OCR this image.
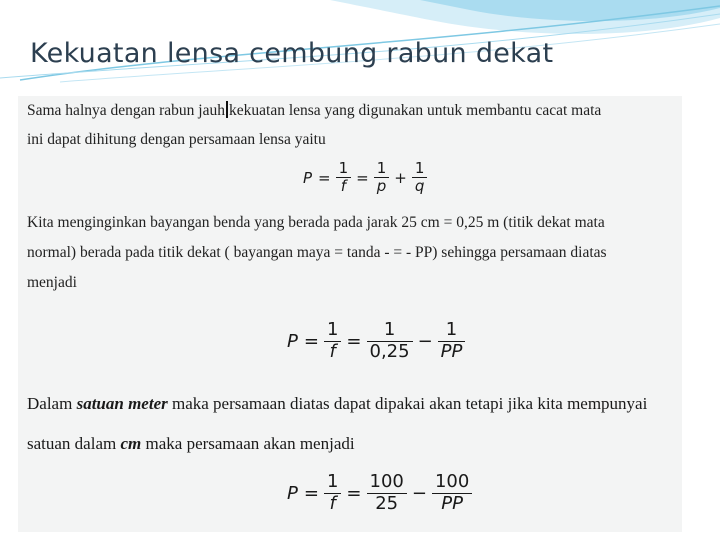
Kekuatan lensa cembung rabun dekat

Sama halnya dengan rabun jauh kekuatan lensa yang digunakan untuk membantu cacat mata

ini dapat dihitung dengan persamaan lensa yaitu

$P = \frac{1}{f} = \frac{1}{p} + \frac{1}{q}$

Kita menginginkan bayangan benda yang berada pada jarak 25 cm = 0,25 m (titik dekat mata

normal) berada pada titik dekat ( bayangan maya = tanda - = - PP) sehingga persamaan diatas

menjadi

$P = \frac{1}{f} = \frac{1}{0,25} - \frac{1}{PP}$

Dalam satuan meter maka persamaan diatas dapat dipakai akan tetapi jika kita mempunyai

satuan dalam cm maka persamaan akan menjadi

$P = \frac{1}{f} = \frac{100}{25} - \frac{100}{PP}$
